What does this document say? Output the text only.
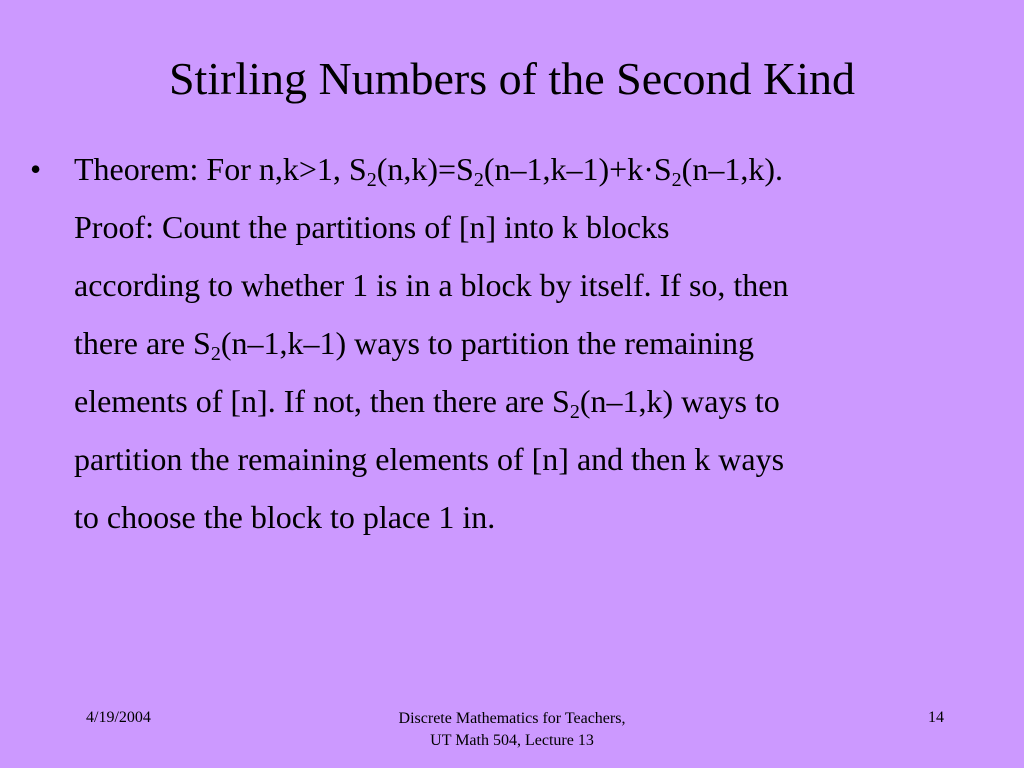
Stirling Numbers of the Second Kind
• Theorem: For n,k>1, $S_2(n,k)=S_2(n-1,k-1)+k\cdot S_2(n-1,k)$.
Proof: Count the partitions of [n] into k blocks
according to whether 1 is in a block by itself. If so, then
there are $S_2(n-1,k-1)$ ways to partition the remaining
elements of [n]. If not, then there are $S_2(n-1,k)$ ways to
partition the remaining elements of [n] and then k ways
to choose the block to place 1 in.
4/19/2004	Discrete Mathematics for Teachers,
UT Math 504, Lecture 13
14
